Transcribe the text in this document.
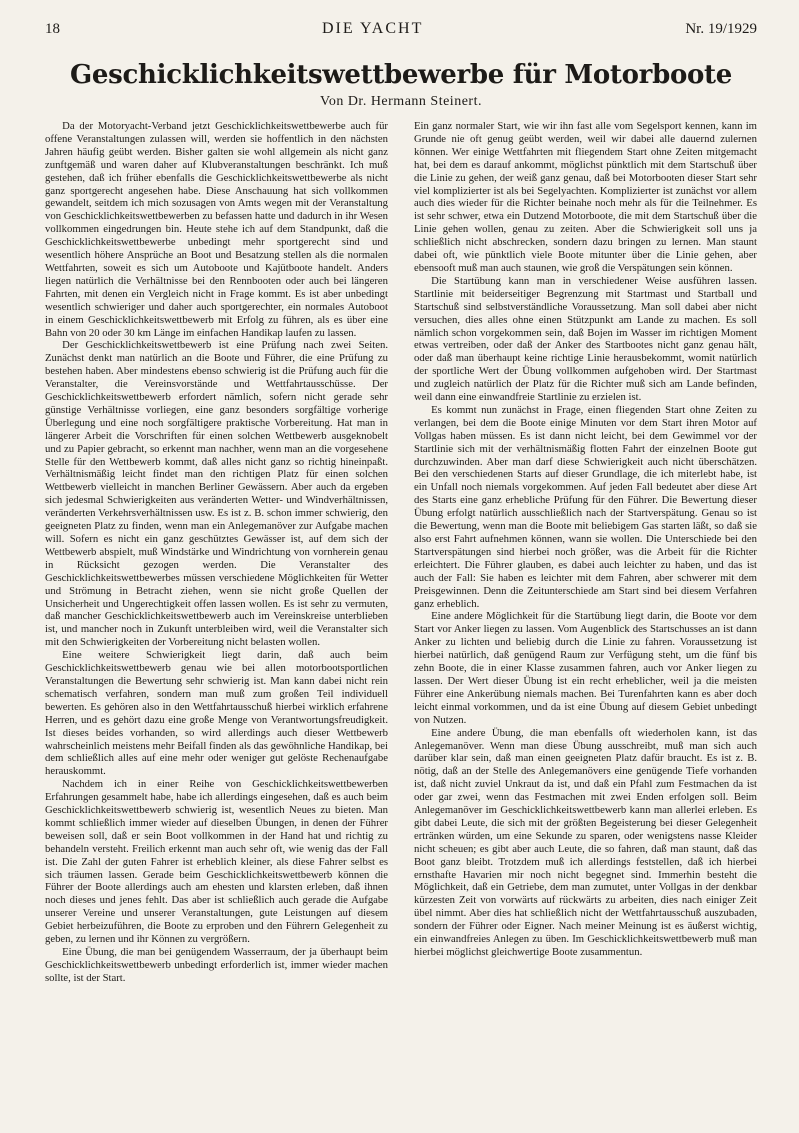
18	DIE YACHT	Nr. 19/1929
Geschicklichkeitswettbewerbe für Motorboote
Von Dr. Hermann Steinert.

Da der Motoryacht-Verband jetzt Geschicklichkeitswettbewerbe auch für offene Veranstaltungen zulassen will, werden sie hoffentlich in den nächsten Jahren häufig geübt werden. Bisher galten sie wohl allgemein als nicht ganz zunftgemäß und waren daher auf Klubveranstaltungen beschränkt. Ich muß gestehen, daß ich früher ebenfalls die Geschicklichkeitswettbewerbe als nicht ganz sportgerecht angesehen habe. Diese Anschauung hat sich vollkommen gewandelt, seitdem ich mich sozusagen von Amts wegen mit der Veranstaltung von Geschicklichkeitswettbewerben zu befassen hatte und dadurch in ihr Wesen vollkommen eingedrungen bin. Heute stehe ich auf dem Standpunkt, daß die Geschicklichkeitswettbewerbe unbedingt mehr sportgerecht sind und wesentlich höhere Ansprüche an Boot und Besatzung stellen als die normalen Wettfahrten, soweit es sich um Autoboote und Kajütboote handelt. Anders liegen natürlich die Verhältnisse bei den Rennbooten oder auch bei längeren Fahrten, mit denen ein Vergleich nicht in Frage kommt. Es ist aber unbedingt wesentlich schwieriger und daher auch sportgerechter, ein normales Autoboot in einem Geschicklichkeitswettbewerb mit Erfolg zu führen, als es über eine Bahn von 20 oder 30 km Länge im einfachen Handikap laufen zu lassen.

Der Geschicklichkeitswettbewerb ist eine Prüfung nach zwei Seiten. Zunächst denkt man natürlich an die Boote und Führer, die eine Prüfung zu bestehen haben. Aber mindestens ebenso schwierig ist die Prüfung auch für die Veranstalter, die Vereinsvorstände und Wettfahrtausschüsse. Der Geschicklichkeitswettbewerb erfordert nämlich, sofern nicht gerade sehr günstige Verhältnisse vorliegen, eine ganz besonders sorgfältige vorherige Überlegung und eine noch sorgfältigere praktische Vorbereitung. Hat man in längerer Arbeit die Vorschriften für einen solchen Wettbewerb ausgeknobelt und zu Papier gebracht, so erkennt man nachher, wenn man an die vorgesehene Stelle für den Wettbewerb kommt, daß alles nicht ganz so richtig hineinpaßt. Verhältnismäßig leicht findet man den richtigen Platz für einen solchen Wettbewerb vielleicht in manchen Berliner Gewässern. Aber auch da ergeben sich jedesmal Schwierigkeiten aus veränderten Wetter- und Windverhältnissen, veränderten Verkehrsverhältnissen usw. Es ist z. B. schon immer schwierig, den geeigneten Platz zu finden, wenn man ein Anlegemanöver zur Aufgabe machen will. Sofern es nicht ein ganz geschütztes Gewässer ist, auf dem sich der Wettbewerb abspielt, muß Windstärke und Windrichtung von vornherein genau in Rücksicht gezogen werden. Die Veranstalter des Geschicklichkeitswettbewerbes müssen verschiedene Möglichkeiten für Wetter und Strömung in Betracht ziehen, wenn sie nicht große Quellen der Unsicherheit und Ungerechtigkeit offen lassen wollen. Es ist sehr zu vermuten, daß mancher Geschicklichkeitswettbewerb auch im Vereinskreise unterblieben ist, und mancher noch in Zukunft unterbleiben wird, weil die Veranstalter sich mit den Schwierigkeiten der Vorbereitung nicht belasten wollen.

Eine weitere Schwierigkeit liegt darin, daß auch beim Geschicklichkeitswettbewerb genau wie bei allen motorbootsportlichen Veranstaltungen die Bewertung sehr schwierig ist. Man kann dabei nicht rein schematisch verfahren, sondern man muß zum großen Teil individuell bewerten. Es gehören also in den Wettfahrtausschuß hierbei wirklich erfahrene Herren, und es gehört dazu eine große Menge von Verantwortungsfreudigkeit. Ist dieses beides vorhanden, so wird allerdings auch dieser Wettbewerb wahrscheinlich meistens mehr Beifall finden als das gewöhnliche Handikap, bei dem schließlich alles auf eine mehr oder weniger gut gelöste Rechenaufgabe herauskommt.

Nachdem ich in einer Reihe von Geschicklichkeitswettbewerben Erfahrungen gesammelt habe, habe ich allerdings eingesehen, daß es auch beim Geschicklichkeitswettbewerb schwierig ist, wesentlich Neues zu bieten. Man kommt schließlich immer wieder auf dieselben Übungen, in denen der Führer beweisen soll, daß er sein Boot vollkommen in der Hand hat und richtig zu behandeln versteht. Freilich erkennt man auch sehr oft, wie wenig das der Fall ist. Die Zahl der guten Fahrer ist erheblich kleiner, als diese Fahrer selbst es sich träumen lassen. Gerade beim Geschicklichkeitswettbewerb können die Führer der Boote allerdings auch am ehesten und klarsten erleben, daß ihnen noch dieses und jenes fehlt. Das aber ist schließlich auch gerade die Aufgabe unserer Vereine und unserer Veranstaltungen, gute Leistungen auf diesem Gebiet herbeizuführen, die Boote zu erproben und den Führern Gelegenheit zu geben, zu lernen und ihr Können zu vergrößern.

Eine Übung, die man bei genügendem Wasserraum, der ja überhaupt beim Geschicklichkeitswettbewerb unbedingt erforderlich ist, immer wieder machen sollte, ist der Start.

Ein ganz normaler Start, wie wir ihn fast alle vom Segelsport kennen, kann im Grunde nie oft genug geübt werden, weil wir dabei alle dauernd zulernen können. Wer einige Wettfahrten mit fliegendem Start ohne Zeiten mitgemacht hat, bei dem es darauf ankommt, möglichst pünktlich mit dem Startschuß über die Linie zu gehen, der weiß ganz genau, daß bei Motorbooten dieser Start sehr viel komplizierter ist als bei Segelyachten. Komplizierter ist zunächst vor allem auch dies wieder für die Richter beinahe noch mehr als für die Teilnehmer. Es ist sehr schwer, etwa ein Dutzend Motorboote, die mit dem Startschuß über die Linie gehen wollen, genau zu zeiten. Aber die Schwierigkeit soll uns ja schließlich nicht abschrecken, sondern dazu bringen zu lernen. Man staunt dabei oft, wie pünktlich viele Boote mitunter über die Linie gehen, aber ebensooft muß man auch staunen, wie groß die Verspätungen sein können.

Die Startübung kann man in verschiedener Weise ausführen lassen. Startlinie mit beiderseitiger Begrenzung mit Startmast und Startball und Startschuß sind selbstverständliche Voraussetzung. Man soll dabei aber nicht versuchen, dies alles ohne einen Stützpunkt am Lande zu machen. Es soll nämlich schon vorgekommen sein, daß Bojen im Wasser im richtigen Moment etwas vertreiben, oder daß der Anker des Startbootes nicht ganz genau hält, oder daß man überhaupt keine richtige Linie herausbekommt, womit natürlich der sportliche Wert der Übung vollkommen aufgehoben wird. Der Startmast und zugleich natürlich der Platz für die Richter muß sich am Lande befinden, weil dann eine einwandfreie Startlinie zu erzielen ist.

Es kommt nun zunächst in Frage, einen fliegenden Start ohne Zeiten zu verlangen, bei dem die Boote einige Minuten vor dem Start ihren Motor auf Vollgas haben müssen. Es ist dann nicht leicht, bei dem Gewimmel vor der Startlinie sich mit der verhältnismäßig flotten Fahrt der einzelnen Boote gut durchzuwinden. Aber man darf diese Schwierigkeit auch nicht überschätzen. Bei den verschiedenen Starts auf dieser Grundlage, die ich miterlebt habe, ist ein Unfall noch niemals vorgekommen. Auf jeden Fall bedeutet aber diese Art des Starts eine ganz erhebliche Prüfung für den Führer. Die Bewertung dieser Übung erfolgt natürlich ausschließlich nach der Startverspätung. Genau so ist die Bewertung, wenn man die Boote mit beliebigem Gas starten läßt, so daß sie also erst Fahrt aufnehmen können, wann sie wollen. Die Unterschiede bei den Startverspätungen sind hierbei noch größer, was die Arbeit für die Richter erleichtert. Die Führer glauben, es dabei auch leichter zu haben, und das ist auch der Fall: Sie haben es leichter mit dem Fahren, aber schwerer mit dem Preisgewinnen. Denn die Zeitunterschiede am Start sind bei diesem Verfahren ganz erheblich.

Eine andere Möglichkeit für die Startübung liegt darin, die Boote vor dem Start vor Anker liegen zu lassen. Vom Augenblick des Startschusses an ist dann Anker zu lichten und beliebig durch die Linie zu fahren. Voraussetzung ist hierbei natürlich, daß genügend Raum zur Verfügung steht, um die fünf bis zehn Boote, die in einer Klasse zusammen fahren, auch vor Anker liegen zu lassen. Der Wert dieser Übung ist ein recht erheblicher, weil ja die meisten Führer eine Ankerübung niemals machen. Bei Turenfahrten kann es aber doch leicht einmal vorkommen, und da ist eine Übung auf diesem Gebiet unbedingt von Nutzen.

Eine andere Übung, die man ebenfalls oft wiederholen kann, ist das Anlegemanöver. Wenn man diese Übung ausschreibt, muß man sich auch darüber klar sein, daß man einen geeigneten Platz dafür braucht. Es ist z. B. nötig, daß an der Stelle des Anlegemanövers eine genügende Tiefe vorhanden ist, daß nicht zuviel Unkraut da ist, und daß ein Pfahl zum Festmachen da ist oder gar zwei, wenn das Festmachen mit zwei Enden erfolgen soll. Beim Anlegemanöver im Geschicklichkeitswettbewerb kann man allerlei erleben. Es gibt dabei Leute, die sich mit der größten Begeisterung bei dieser Gelegenheit ertränken würden, um eine Sekunde zu sparen, oder wenigstens nasse Kleider nicht scheuen; es gibt aber auch Leute, die so fahren, daß man staunt, daß das Boot ganz bleibt. Trotzdem muß ich allerdings feststellen, daß ich hierbei ernsthafte Havarien mir noch nicht begegnet sind. Immerhin besteht die Möglichkeit, daß ein Getriebe, dem man zumutet, unter Vollgas in der denkbar kürzesten Zeit von vorwärts auf rückwärts zu arbeiten, dies nach einiger Zeit übel nimmt. Aber dies hat schließlich nicht der Wettfahrtausschuß auszubaden, sondern der Führer oder Eigner. Nach meiner Meinung ist es äußerst wichtig, ein einwandfreies Anlegen zu üben. Im Geschicklichkeitswettbewerb muß man hierbei möglichst gleichwertige Boote zusammentun.
